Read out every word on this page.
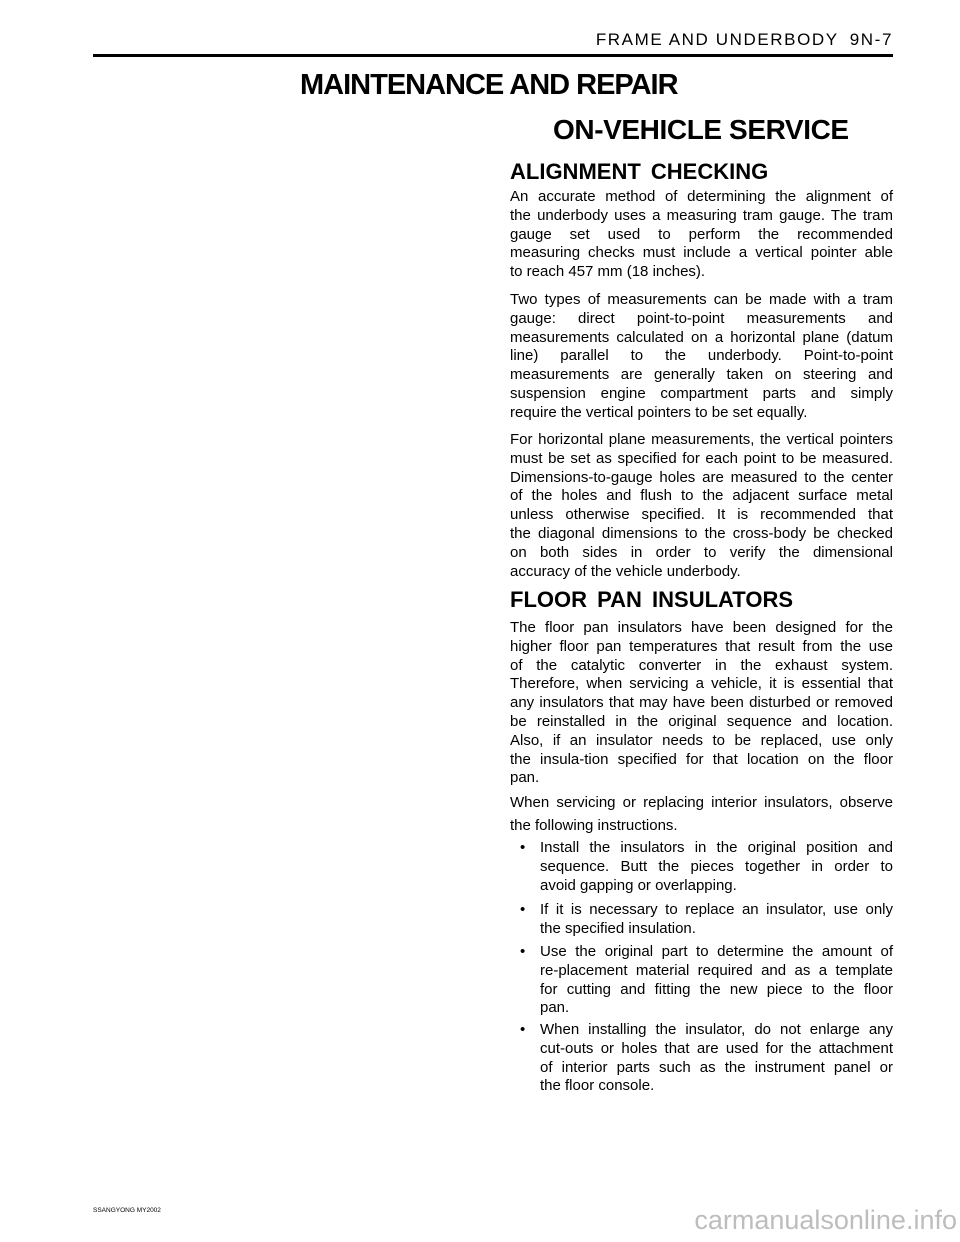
FRAME AND UNDERBODY 9N-7
MAINTENANCE AND REPAIR
ON-VEHICLE SERVICE
ALIGNMENT CHECKING
An accurate method of determining the alignment of
the underbody uses a measuring tram gauge. The tram
gauge set used to perform the recommended
measuring checks must include a vertical pointer able
to reach 457 mm (18 inches).
Two types of measurements can be made with a tram
gauge: direct point-to-point measurements and
measurements calculated on a horizontal plane (datum
line) parallel to the underbody. Point-to-point
measurements are generally taken on steering and
suspension engine compartment parts and simply
require the vertical pointers to be set equally.
For horizontal plane measurements, the vertical pointers
must be set as specified for each point to be measured.
Dimensions-to-gauge holes are measured to the center
of the holes and flush to the adjacent surface metal
unless otherwise specified. It is recommended that
the diagonal dimensions to the cross-body be checked
on both sides in order to verify the dimensional
accuracy of the vehicle underbody.
FLOOR PAN INSULATORS
The floor pan insulators have been designed for the
higher floor pan temperatures that result from the use
of the catalytic converter in the exhaust system.
Therefore, when servicing a vehicle, it is essential that
any insulators that may have been disturbed or removed
be reinstalled in the original sequence and location.
Also, if an insulator needs to be replaced, use only
the insula-tion specified for that location on the floor
pan.
When servicing or replacing interior insulators, observe
the following instructions.
• Install the insulators in the original position and
sequence. Butt the pieces together in order to
avoid gapping or overlapping.
• If it is necessary to replace an insulator, use only
the specified insulation.
• Use the original part to determine the amount of
re-placement material required and as a template
for cutting and fitting the new piece to the floor
pan.
• When installing the insulator, do not enlarge any
cut-outs or holes that are used for the attachment
of interior parts such as the instrument panel or
the floor console.
SSANGYONG MY2002	carmanualsonline.info
